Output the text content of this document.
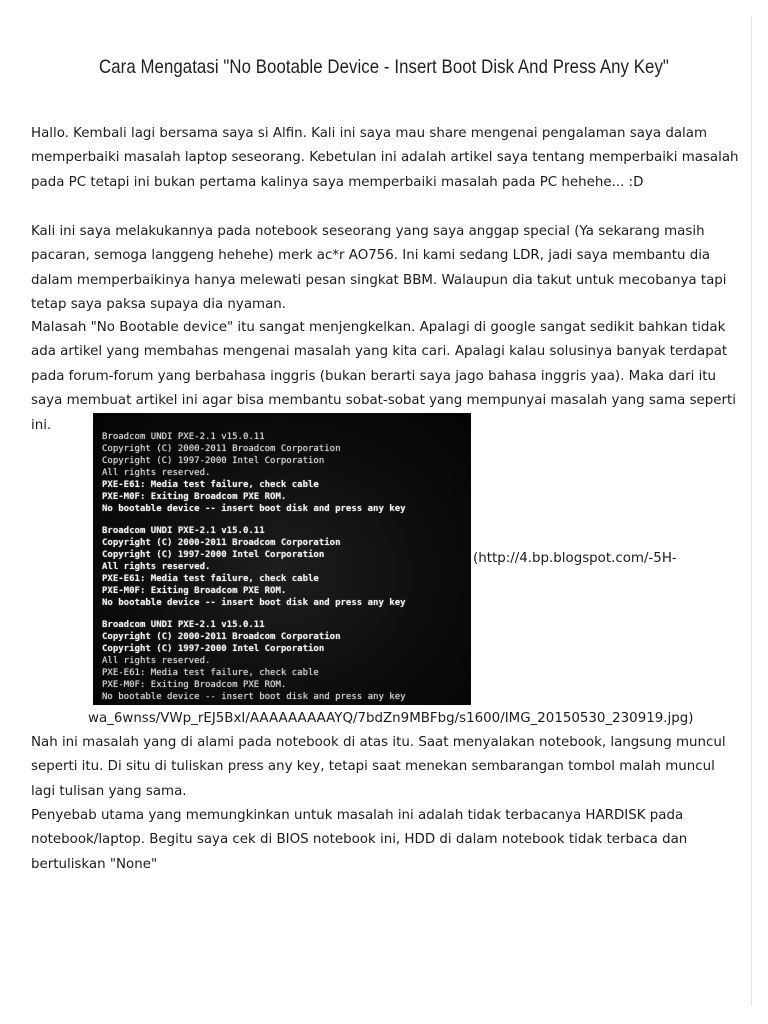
Cara Mengatasi "No Bootable Device - Insert Boot Disk And Press Any Key"

Hallo. Kembali lagi bersama saya si Alfin. Kali ini saya mau share mengenai pengalaman saya dalam memperbaiki masalah laptop seseorang. Kebetulan ini adalah artikel saya tentang memperbaiki masalah pada PC tetapi ini bukan pertama kalinya saya memperbaiki masalah pada PC hehehe... :D

Kali ini saya melakukannya pada notebook seseorang yang saya anggap special (Ya sekarang masih pacaran, semoga langgeng hehehe) merk ac*r AO756. Ini kami sedang LDR, jadi saya membantu dia dalam memperbaikinya hanya melewati pesan singkat BBM. Walaupun dia takut untuk mecobanya tapi tetap saya paksa supaya dia nyaman.

Malasah "No Bootable device" itu sangat menjengkelkan. Apalagi di google sangat sedikit bahkan tidak ada artikel yang membahas mengenai masalah yang kita cari. Apalagi kalau solusinya banyak terdapat pada forum-forum yang berbahasa inggris (bukan berarti saya jago bahasa inggris yaa). Maka dari itu saya membuat artikel ini agar bisa membantu sobat-sobat yang mempunyai masalah yang sama seperti ini.

Broadcom UNDI PXE-2.1 v15.0.11
Copyright (C) 2000-2011 Broadcom Corporation
Copyright (C) 1997-2000 Intel Corporation
All rights reserved.
PXE-E61: Media test failure, check cable
PXE-M0F: Exiting Broadcom PXE ROM.
No bootable device -- insert boot disk and press any key
Broadcom UNDI PXE-2.1 v15.0.11
Copyright (C) 2000-2011 Broadcom Corporation
Copyright (C) 1997-2000 Intel Corporation
All rights reserved.
PXE-E61: Media test failure, check cable
PXE-M0F: Exiting Broadcom PXE ROM.
No bootable device -- insert boot disk and press any key
Broadcom UNDI PXE-2.1 v15.0.11
Copyright (C) 2000-2011 Broadcom Corporation
Copyright (C) 1997-2000 Intel Corporation
All rights reserved.
PXE-E61: Media test failure, check cable
PXE-M0F: Exiting Broadcom PXE ROM.
No bootable device -- insert boot disk and press any key
(http://4.bp.blogspot.com/-5H-
wa_6wnss/VWp_rEJ5BxI/AAAAAAAAAYQ/7bdZn9MBFbg/s1600/IMG_20150530_230919.jpg)

Nah ini masalah yang di alami pada notebook di atas itu. Saat menyalakan notebook, langsung muncul seperti itu. Di situ di tuliskan press any key, tetapi saat menekan sembarangan tombol malah muncul lagi tulisan yang sama.

Penyebab utama yang memungkinkan untuk masalah ini adalah tidak terbacanya HARDISK pada notebook/laptop. Begitu saya cek di BIOS notebook ini, HDD di dalam notebook tidak terbaca dan bertuliskan "None"
